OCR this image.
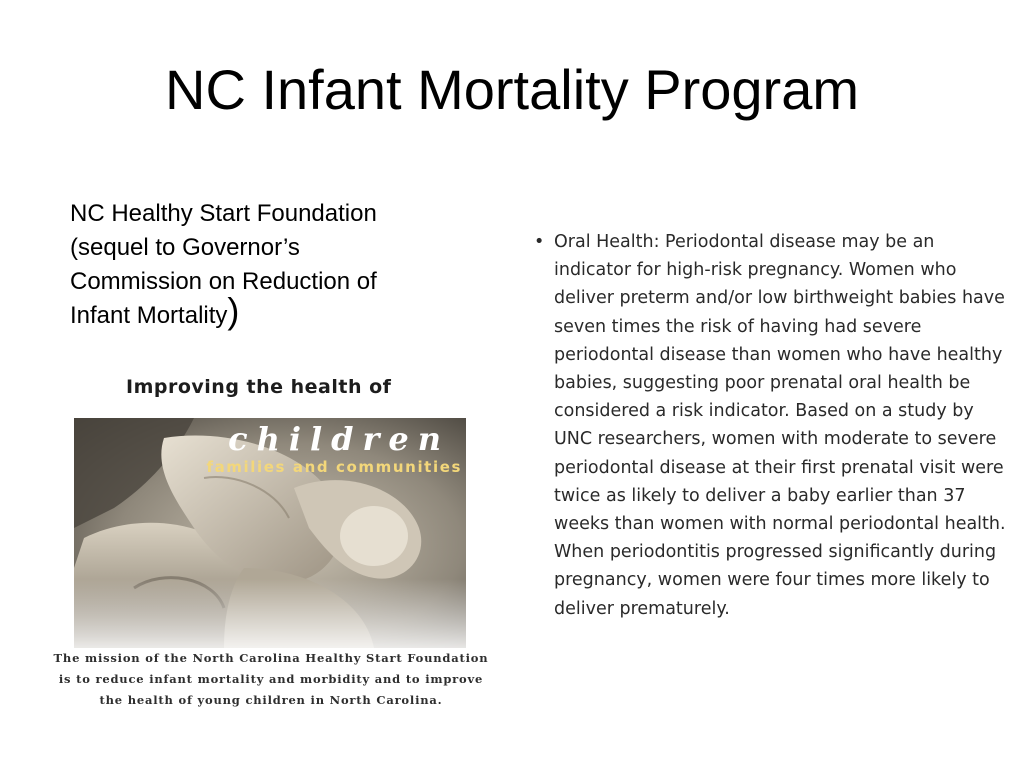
NC Infant Mortality Program
NC Healthy Start Foundation
(sequel to Governor’s
Commission on Reduction of
Infant Mortality)
Improving the health of
children
families and communities
The mission of the North Carolina Healthy Start Foundation is to reduce infant mortality and morbidity and to improve the health of young children in North Carolina.
• Oral Health: Periodontal disease may be an indicator for high-risk pregnancy. Women who deliver preterm and/or low birthweight babies have seven times the risk of having had severe periodontal disease than women who have healthy babies, suggesting poor prenatal oral health be considered a risk indicator. Based on a study by UNC researchers, women with moderate to severe periodontal disease at their first prenatal visit were twice as likely to deliver a baby earlier than 37 weeks than women with normal periodontal health. When periodontitis progressed significantly during pregnancy, women were four times more likely to deliver prematurely.
